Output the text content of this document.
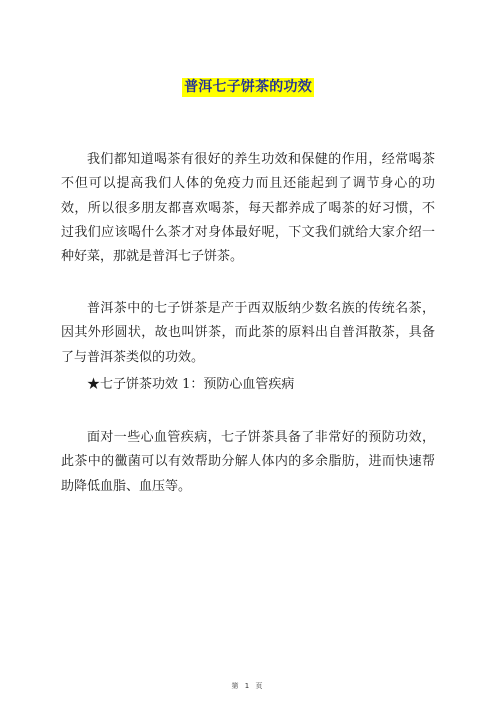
普洱七子饼茶的功效

我们都知道喝茶有很好的养生功效和保健的作用，经常喝茶不但可以提高我们人体的免疫力而且还能起到了调节身心的功效，所以很多朋友都喜欢喝茶，每天都养成了喝茶的好习惯，不过我们应该喝什么茶才对身体最好呢，下文我们就给大家介绍一种好菜，那就是普洱七子饼茶。

普洱茶中的七子饼茶是产于西双版纳少数名族的传统名茶，因其外形圆状，故也叫饼茶，而此茶的原料出自普洱散茶，具备了与普洱茶类似的功效。

★七子饼茶功效 1：预防心血管疾病

面对一些心血管疾病，七子饼茶具备了非常好的预防功效，此茶中的黴菌可以有效帮助分解人体内的多余脂肪，进而快速帮助降低血脂、血压等。

第 1 页
